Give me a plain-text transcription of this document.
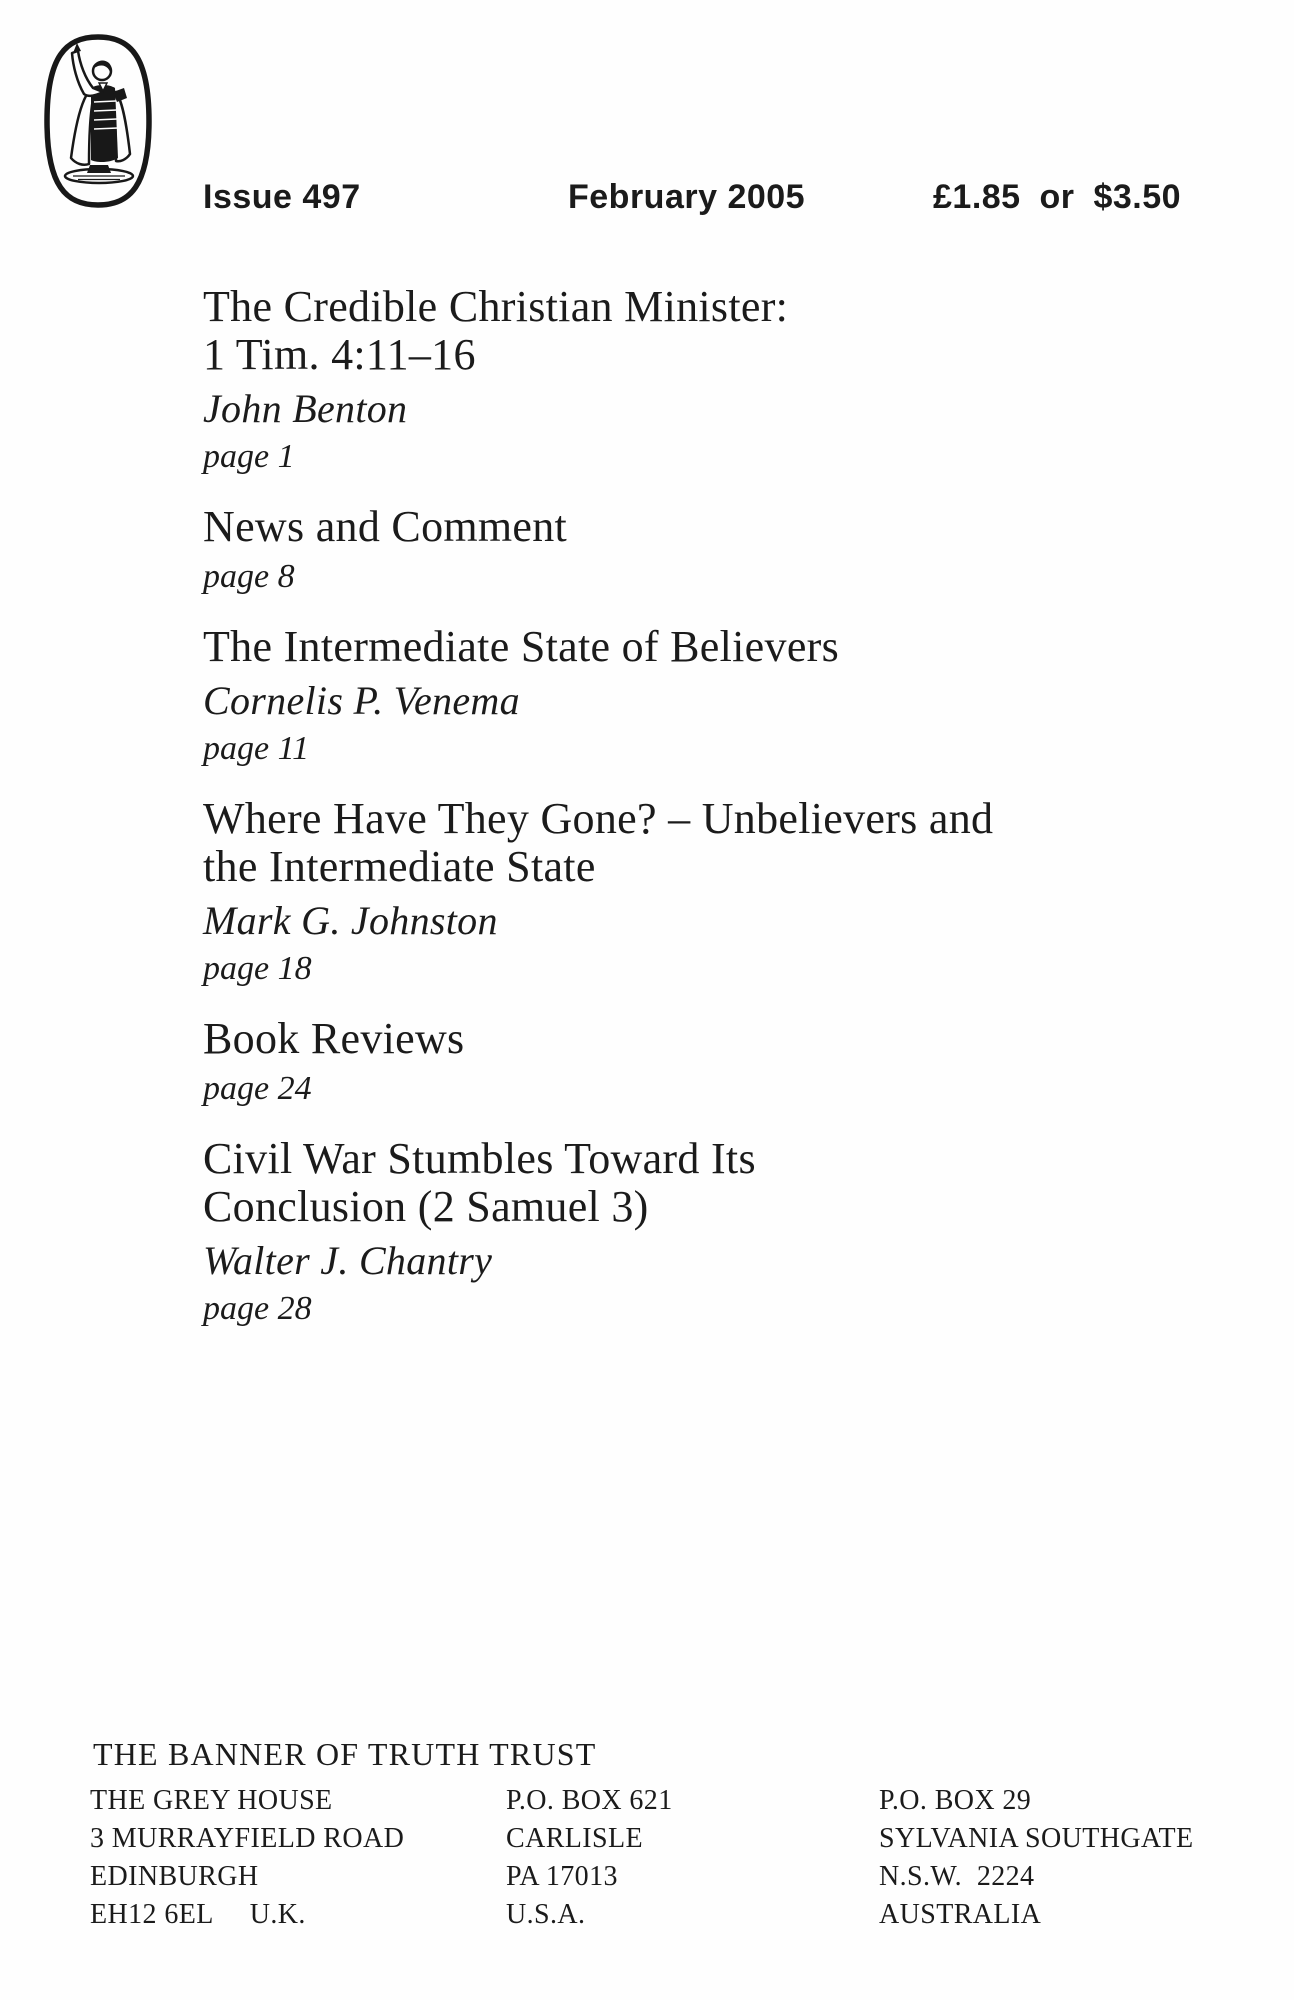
Issue 497	February 2005	£1.85 or $3.50
The Credible Christian Minister:
1 Tim. 4:11–16
John Benton
page 1
News and Comment
page 8
The Intermediate State of Believers
Cornelis P. Venema
page 11
Where Have They Gone? – Unbelievers and
the Intermediate State
Mark G. Johnston
page 18
Book Reviews
page 24
Civil War Stumbles Toward Its
Conclusion (2 Samuel 3)
Walter J. Chantry
page 28
THE BANNER OF TRUTH TRUST
THE GREY HOUSE
3 MURRAYFIELD ROAD
EDINBURGH
EH12 6EL     U.K.
P.O. BOX 621
CARLISLE
PA 17013
U.S.A.
P.O. BOX 29
SYLVANIA SOUTHGATE
N.S.W.  2224
AUSTRALIA
